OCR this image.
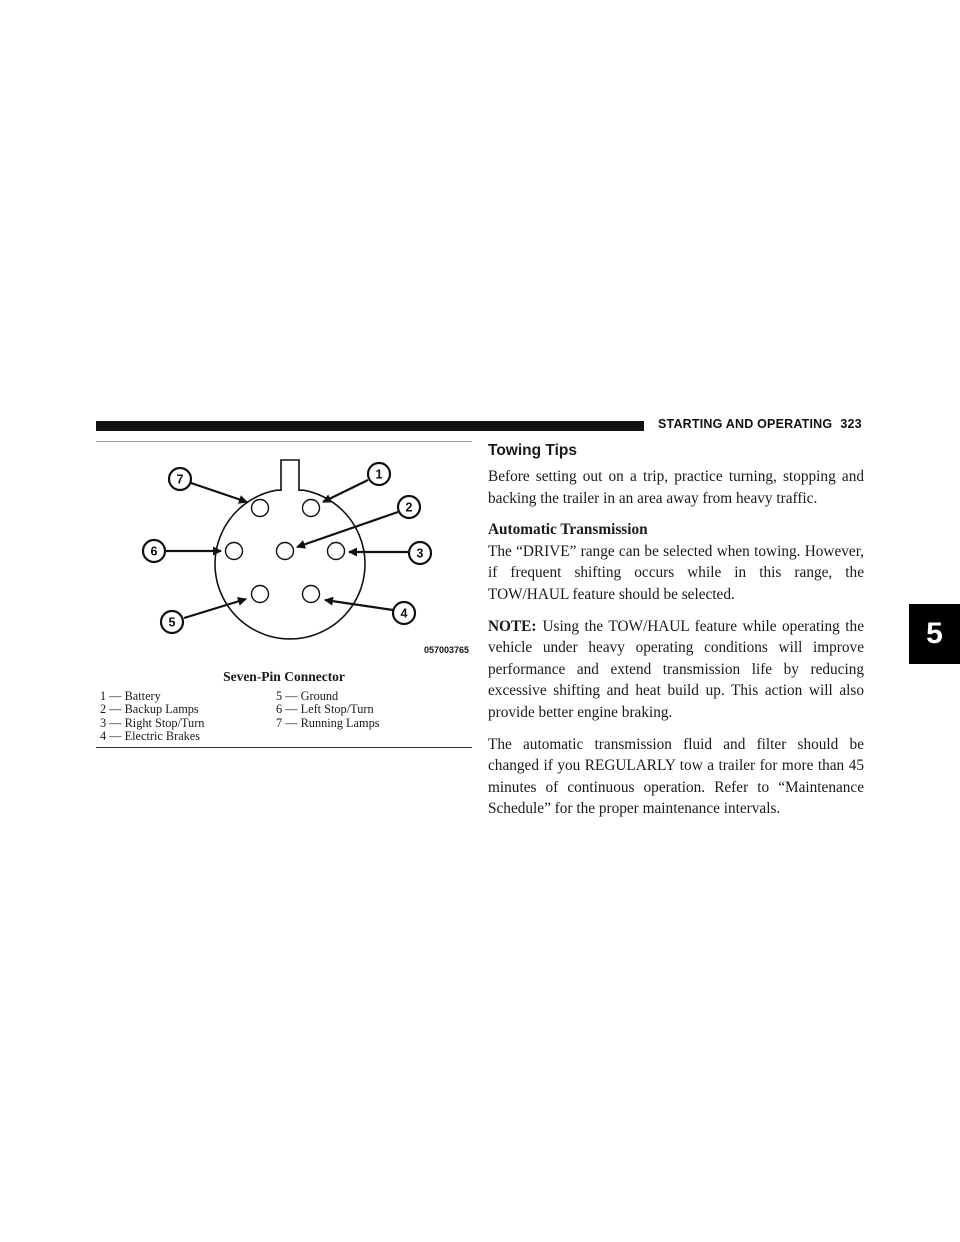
STARTING AND OPERATING 323
5
1
2
3
4
5
6
7
057003765
Seven-Pin Connector
1 — Battery
2 — Backup Lamps
3 — Right Stop/Turn
4 — Electric Brakes
5 — Ground
6 — Left Stop/Turn
7 — Running Lamps
Towing Tips

Before setting out on a trip, practice turning, stopping and backing the trailer in an area away from heavy traffic.

Automatic Transmission

The “DRIVE” range can be selected when towing. However, if frequent shifting occurs while in this range, the TOW/HAUL feature should be selected.

NOTE: Using the TOW/HAUL feature while operating the vehicle under heavy operating conditions will improve performance and extend transmission life by reducing excessive shifting and heat build up. This action will also provide better engine braking.

The automatic transmission fluid and filter should be changed if you REGULARLY tow a trailer for more than 45 minutes of continuous operation. Refer to “Maintenance Schedule” for the proper maintenance intervals.
